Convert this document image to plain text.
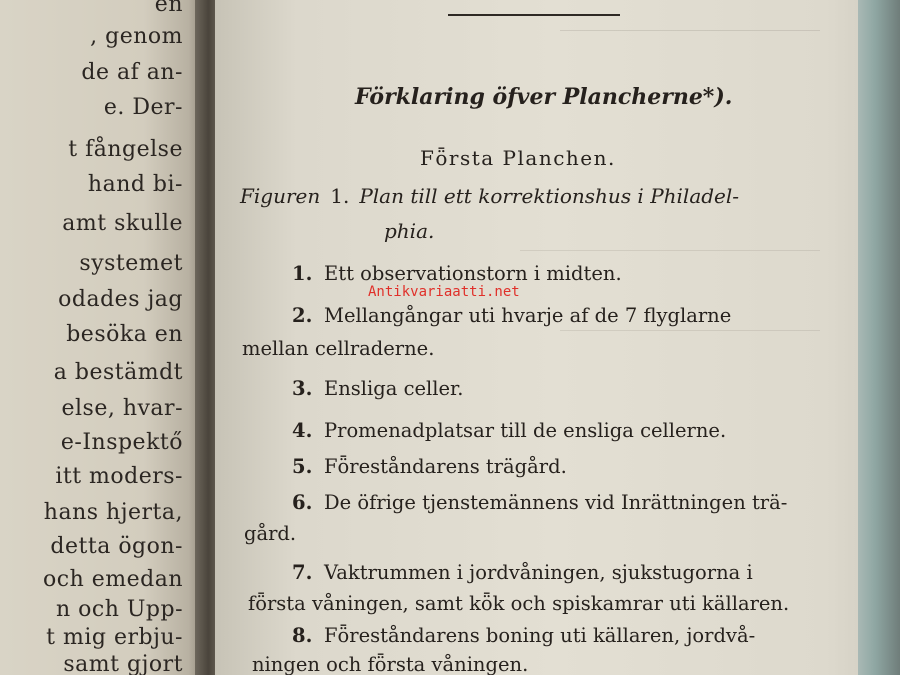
en
, genom
de af an-
e. Der-
t fångelse
hand bi-
amt skulle
systemet
odades jag
besöka en
a bestämdt
else, hvar-
e-Inspektő
itt moders-
hans hjerta,
detta ögon-
och emedan
n och Upp-
t mig erbju-
samt gjort
Förklaring öfver Plancherne*).
Fȫrsta Planchen.
Figuren 1. Plan till ett korrektionshus i Philadel-
phia.
1. Ett observationstorn i midten.
Antikvariaatti.net
2. Mellangångar uti hvarje af de 7 flyglarne
mellan cellraderne.
3. Ensliga celler.
4. Promenadplatsar till de ensliga cellerne.
5. Fȫreståndarens trägård.
6. De öfrige tjenstemännens vid Inrättningen trä-
gård.
7. Vaktrummen i jordvåningen, sjukstugorna i
fȫrsta våningen, samt kȫk och spiskamrar uti källaren.
8. Fȫreståndarens boning uti källaren, jordvå-
ningen och fȫrsta våningen.
